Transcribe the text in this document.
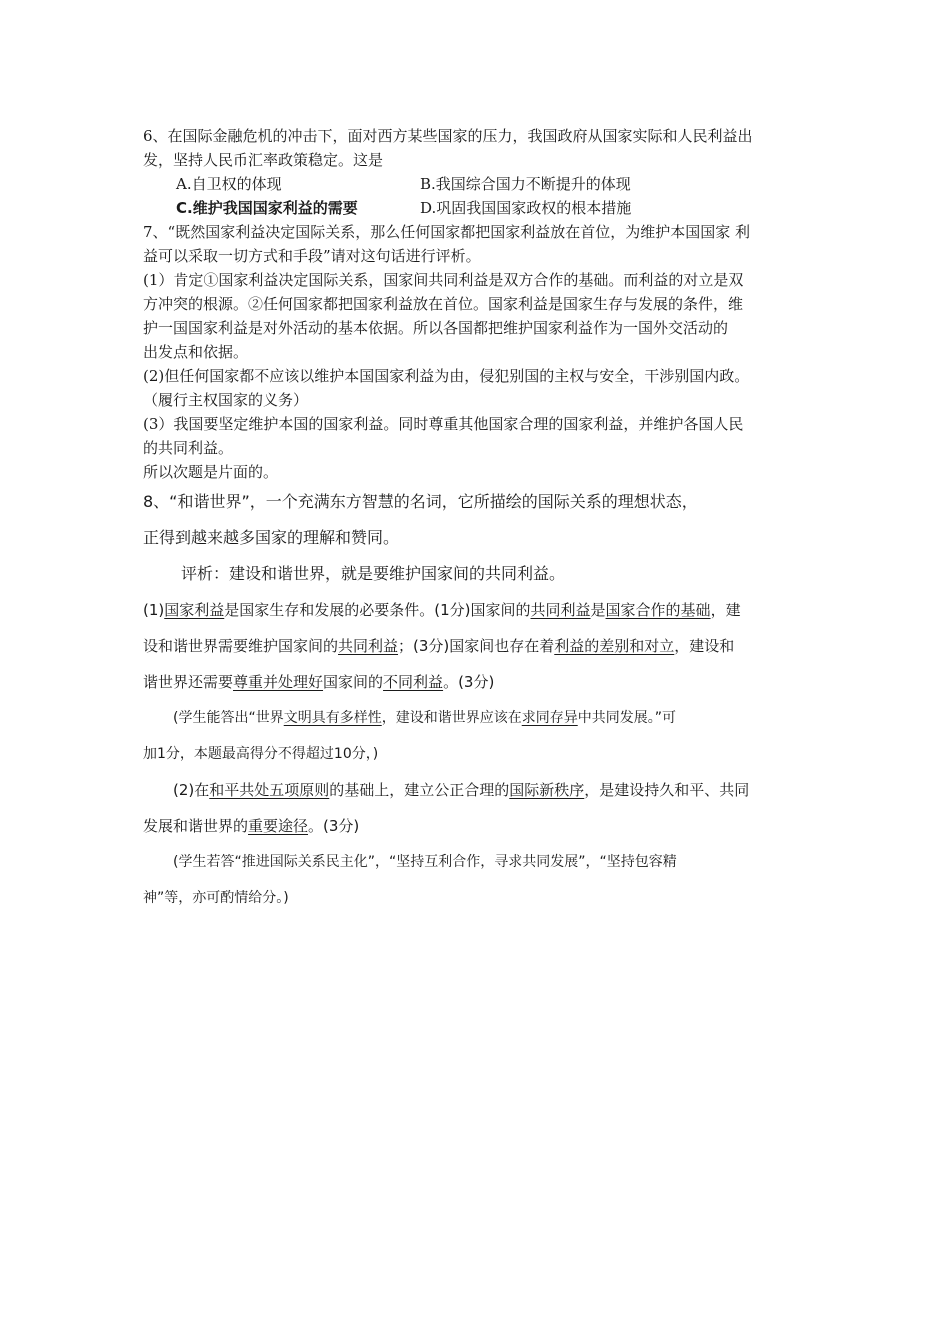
6、在国际金融危机的冲击下，面对西方某些国家的压力，我国政府从国家实际和人民利益出

发，坚持人民币汇率政策稳定。这是

A.自卫权的体现	B.我国综合国力不断提升的体现
C.维护我国国家利益的需要	D.巩固我国国家政权的根本措施

7、“既然国家利益决定国际关系，那么任何国家都把国家利益放在首位，为维护本国国家 利

益可以采取一切方式和手段”请对这句话进行评析。

(1）肯定①国家利益决定国际关系，国家间共同利益是双方合作的基础。而利益的对立是双

方冲突的根源。②任何国家都把国家利益放在首位。国家利益是国家生存与发展的条件，维

护一国国家利益是对外活动的基本依据。所以各国都把维护国家利益作为一国外交活动的

出发点和依据。

(2)但任何国家都不应该以维护本国国家利益为由，侵犯别国的主权与安全，干涉别国内政。

（履行主权国家的义务）

(3）我国要坚定维护本国的国家利益。同时尊重其他国家合理的国家利益，并维护各国人民

的共同利益。

所以次题是片面的。

8、“和谐世界”，一个充满东方智慧的名词，它所描绘的国际关系的理想状态，

正得到越来越多国家的理解和赞同。

评析：建设和谐世界，就是要维护国家间的共同利益。

(1)国家利益是国家生存和发展的必要条件。(1分)国家间的共同利益是国家合作的基础，建

设和谐世界需要维护国家间的共同利益；(3分)国家间也存在着利益的差别和对立，建设和

谐世界还需要尊重并处理好国家间的不同利益。(3分)

(学生能答出“世界文明具有多样性，建设和谐世界应该在求同存异中共同发展。”可

加1分，本题最高得分不得超过10分，)

(2)在和平共处五项原则的基础上，建立公正合理的国际新秩序，是建设持久和平、共同

发展和谐世界的重要途径。(3分)

(学生若答“推进国际关系民主化”，“坚持互利合作，寻求共同发展”，“坚持包容精

神”等，亦可酌情给分。)
